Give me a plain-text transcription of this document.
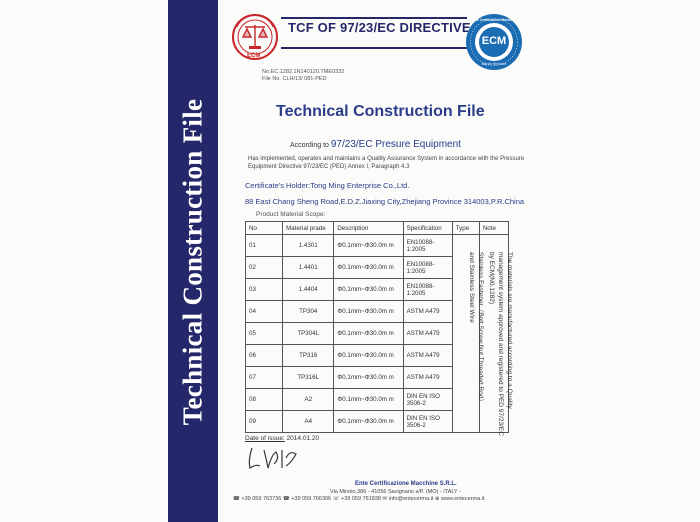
Technical Construction File
ECM
TCF OF 97/23/EC DIRECTIVE
ECM
Ente Certificazione Macchine
Italy for the future
No.EC.1282.1N140120.TME0332
File No. CLH/13/ 081-PED
Technical Construction File
According to 97/23/EC Presure Equipment
Has implemented, operates and maintains a Quality Assurance System in accordance with the Pressure Equipment Directive 97/23/EC (PED) Annex I, Paragraph 4.3
Certificate's Holder:Tong Ming Enterprise Co.,Ltd.
88 East Chang Sheng Road,E.D.Z.Jiaxing City,Zhejiang Province 314003,P.R.China
Product Material Scope:
No	Material prade	Description	Specification	Type	Note
01	1.4301	Φ0.1mm~Φ30.0m m	EN10088-1:2005		
02	1.4401	Φ0.1mm~Φ30.0m m	EN10088-1:2005		
03	1.4404	Φ0.1mm~Φ30.0m m	EN10088-1:2005		
04	TP304	Φ0.1mm~Φ30.0m m	ASTM A479		
05	TP304L	Φ0.1mm~Φ30.0m m	ASTM A479		
06	TP316	Φ0.1mm~Φ30.0m m	ASTM A479		
07	TP316L	Φ0.1mm~Φ30.0m m	ASTM A479		
08	A2	Φ0.1mm~Φ30.0m m	DIN EN ISO 3506-2		
09	A4	Φ0.1mm~Φ30.0m m	DIN EN ISO 3506-2		
Stainless Fastener（Bolt,Screw,Nut,Threaded Rod）and Stainless Steel Wire	The materials are manufactured according to a Quality management system approved and registered to PED 97/23/EC by ECM(N0.1282)
Date of issue: 2014.01.20
Ente Certificazione Macchine S.R.L.
Via Minoio,386 - 41056 Savignano s/P. (MO) - ITALY -
☎ +39 059 763736 ☎ +39 059 766306 ☏ +39 059 761838 ✉ info@entecerma.it ⊕ www.entecerma.it
